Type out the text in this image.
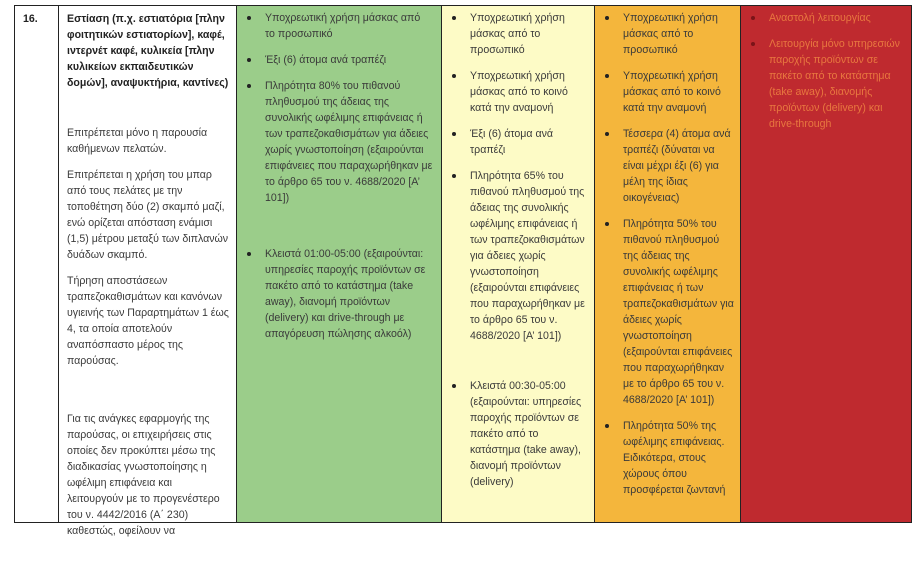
16.	Εστίαση (π.χ. εστιατόρια [πλην φοιτητικών εστιατορίων], καφέ, ιντερνέτ καφέ, κυλικεία [πλην κυλικείων εκπαιδευτικών δομών], αναψυκτήρια, καντίνες)
Επιτρέπεται μόνο η παρουσία καθήμενων πελατών.
Επιτρέπεται η χρήση του μπαρ από τους πελάτες με την τοποθέτηση δύο (2) σκαμπό μαζί, ενώ ορίζεται απόσταση ενάμισι (1,5) μέτρου μεταξύ των διπλανών δυάδων σκαμπό.
Τήρηση αποστάσεων τραπεζοκαθισμάτων και κανόνων υγιεινής των Παραρτημάτων 1 έως 4, τα οποία αποτελούν αναπόσπαστο μέρος της παρούσας.
Για τις ανάγκες εφαρμογής της παρούσας, οι επιχειρήσεις στις οποίες δεν προκύπτει μέσω της διαδικασίας γνωστοποίησης η ωφέλιμη επιφάνεια και λειτουργούν με το προγενέστερο του ν. 4442/2016 (Α΄ 230) καθεστώς, οφείλουν να
Υποχρεωτική χρήση μάσκας από το προσωπικό
Έξι (6) άτομα ανά τραπέζι
Πληρότητα 80% του πιθανού πληθυσμού της άδειας της συνολικής ωφέλιμης επιφάνειας ή των τραπεζοκαθισμάτων για άδειες χωρίς γνωστοποίηση (εξαιρούνται επιφάνειες που παραχωρήθηκαν με το άρθρο 65 του ν. 4688/2020 [Α’ 101])
Κλειστά 01:00-05:00 (εξαιρούνται: υπηρεσίες παροχής προϊόντων σε πακέτο από το κατάστημα (take away), διανομή προϊόντων (delivery) και drive-through με απαγόρευση πώλησης αλκοόλ)
Υποχρεωτική χρήση μάσκας από το προσωπικό
Υποχρεωτική χρήση μάσκας από το κοινό κατά την αναμονή
Έξι (6) άτομα ανά τραπέζι
Πληρότητα 65% του πιθανού πληθυσμού της άδειας της συνολικής ωφέλιμης επιφάνειας ή των τραπεζοκαθισμάτων για άδειες χωρίς γνωστοποίηση (εξαιρούνται επιφάνειες που παραχωρήθηκαν με το άρθρο 65 του ν. 4688/2020 [Α’ 101])
Κλειστά 00:30-05:00 (εξαιρούνται: υπηρεσίες παροχής προϊόντων σε πακέτο από το κατάστημα (take away), διανομή προϊόντων (delivery)
Υποχρεωτική χρήση μάσκας από το προσωπικό
Υποχρεωτική χρήση μάσκας από το κοινό κατά την αναμονή
Τέσσερα (4) άτομα ανά τραπέζι (δύναται να είναι μέχρι έξι (6) για μέλη της ίδιας οικογένειας)
Πληρότητα 50% του πιθανού πληθυσμού της άδειας της συνολικής ωφέλιμης επιφάνειας ή των τραπεζοκαθισμάτων για άδειες χωρίς γνωστοποίηση (εξαιρούνται επιφάνειες που παραχωρήθηκαν με το άρθρο 65 του ν. 4688/2020 [Α’ 101])
Πληρότητα 50% της ωφέλιμης επιφάνειας. Ειδικότερα, στους χώρους όπου προσφέρεται ζωντανή
Αναστολή λειτουργίας
Λειτουργία μόνο υπηρεσιών παροχής προϊόντων σε πακέτο από το κατάστημα (take away), διανομής προϊόντων (delivery) και drive-through
